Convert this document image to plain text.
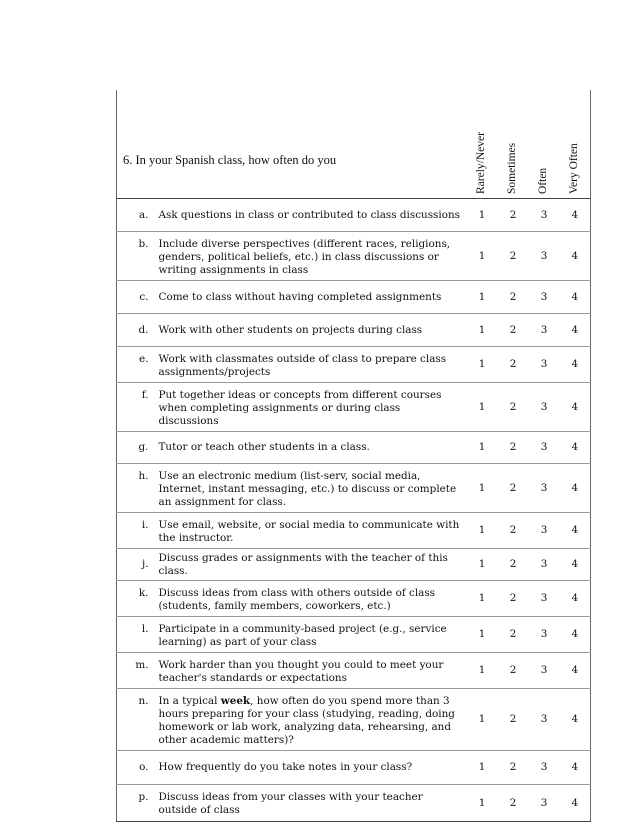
6. In your Spanish class, how often do you		Rarely/Never	Sometimes	Often	Very Often

a.	Ask questions in class or contributed to class discussions	1	2	3	4
b.	Include diverse perspectives (different races, religions, genders, political beliefs, etc.) in class discussions or writing assignments in class	1	2	3	4
c.	Come to class without having completed assignments	1	2	3	4
d.	Work with other students on projects during class	1	2	3	4
e.	Work with classmates outside of class to prepare class assignments/projects	1	2	3	4
f.	Put together ideas or concepts from different courses when completing assignments or during class discussions	1	2	3	4
g.	Tutor or teach other students in a class.	1	2	3	4
h.	Use an electronic medium (list-serv, social media, Internet, instant messaging, etc.) to discuss or complete an assignment for class.	1	2	3	4
i.	Use email, website, or social media to communicate with the instructor.	1	2	3	4
j.	Discuss grades or assignments with the teacher of this class.	1	2	3	4
k.	Discuss ideas from class with others outside of class (students, family members, coworkers, etc.)	1	2	3	4
l.	Participate in a community-based project (e.g., service learning) as part of your class	1	2	3	4
m.	Work harder than you thought you could to meet your teacher's standards or expectations	1	2	3	4
n.	In a typical week, how often do you spend more than 3 hours preparing for your class (studying, reading, doing homework or lab work, analyzing data, rehearsing, and other academic matters)?	1	2	3	4
o.	How frequently do you take notes in your class?	1	2	3	4
p.	Discuss ideas from your classes with your teacher outside of class	1	2	3	4
